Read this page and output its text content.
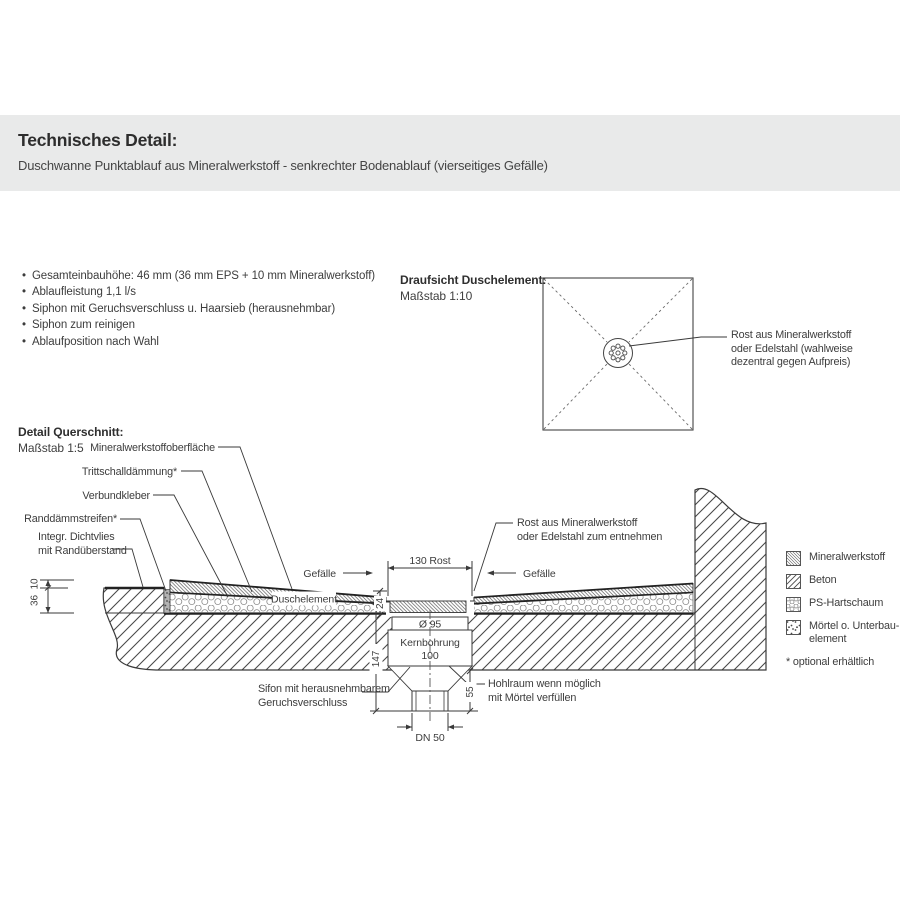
Technisches Detail:
Duschwanne Punktablauf aus Mineralwerkstoff - senkrechter Bodenablauf (vierseitiges Gefälle)
• Gesamteinbauhöhe: 46 mm (36 mm EPS + 10 mm Mineralwerkstoff)
• Ablaufleistung 1,1 l/s
• Siphon mit Geruchsverschluss u. Haarsieb (herausnehmbar)
• Siphon zum reinigen
• Ablaufposition nach Wahl
Draufsicht Duschelement:
Maßstab 1:10
Rost aus Mineralwerkstoff
oder Edelstahl (wahlweise
dezentral gegen Aufpreis)
Detail Querschnitt:
Maßstab 1:5 Mineralwerkstoffoberfläche
Trittschalldämmung*
Verbundkleber
Randdämmstreifen*
Integr. Dichtvlies
mit Randüberstand
Rost aus Mineralwerkstoff
oder Edelstahl zum entnehmen
Sifon mit herausnehmbarem
Geruchsverschluss
Hohlraum wenn möglich
mit Mörtel verfüllen
Mineralwerkstoff
Beton
PS-Hartschaum
Mörtel o. Unterbau-element
* optional erhältlich
Duschelement
10
36
130 Rost
Gefälle	Gefälle
24
Ø 95
Kernbohrung
100
147
55
DN 50
